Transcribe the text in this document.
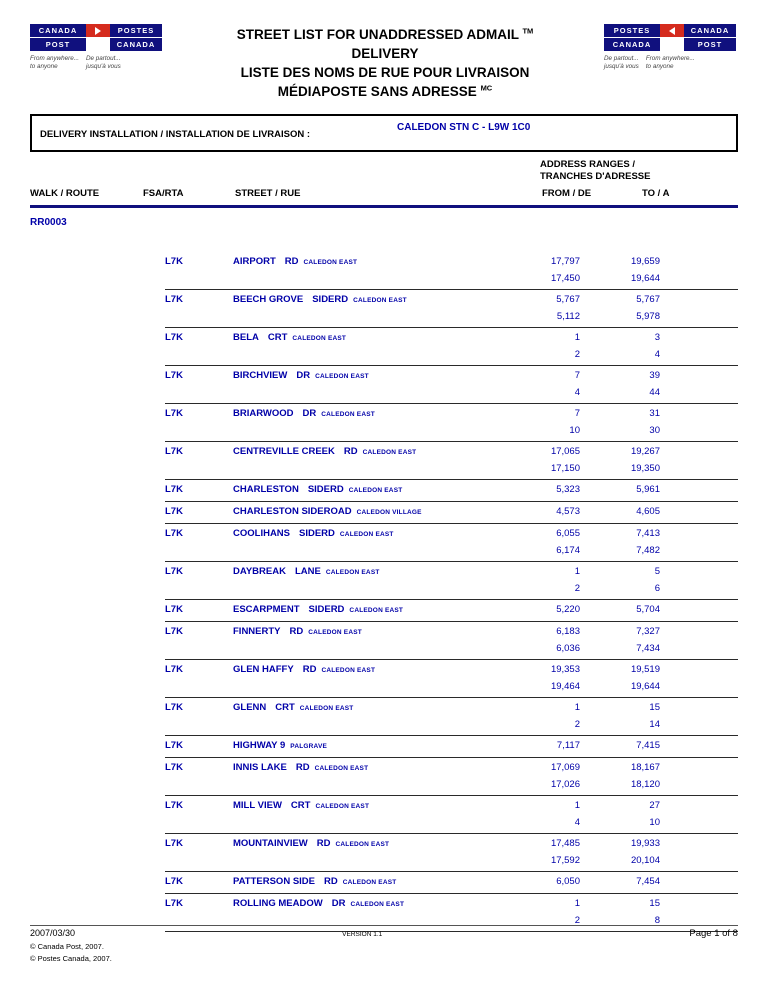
CANADA	POSTES
POST	CANADA
From anywhere...
to anyone
De partout...
jusqu'à vous
STREET LIST FOR UNADDRESSED ADMAIL ™
DELIVERY
LISTE DES NOMS DE RUE POUR LIVRAISON
MÉDIAPOSTE SANS ADRESSE $^{MC}$
POSTES	CANADA
CANADA	POST
De partout...
jusqu'à vous
From anywhere...
to anyone
DELIVERY INSTALLATION / INSTALLATION DE LIVRAISON :
CALEDON STN C - L9W 1C0
WALK / ROUTE	FSA/RTA	STREET / RUE
ADDRESS RANGES /
TRANCHES D'ADRESSE
FROM / DE	TO / A
RR0003
L7K	AIRPORT RD CALEDON EAST	17,797	19,659
17,450	19,644
L7K	BEECH GROVE SIDERD CALEDON EAST	5,767	5,767
5,112	5,978
L7K	BELA CRT CALEDON EAST	1	3
2	4
L7K	BIRCHVIEW DR CALEDON EAST	7	39
4	44
L7K	BRIARWOOD DR CALEDON EAST	7	31
10	30
L7K	CENTREVILLE CREEK RD CALEDON EAST	17,065	19,267
17,150	19,350
L7K	CHARLESTON SIDERD CALEDON EAST	5,323	5,961
L7K	CHARLESTON SIDEROAD CALEDON VILLAGE	4,573	4,605
L7K	COOLIHANS SIDERD CALEDON EAST	6,055	7,413
6,174	7,482
L7K	DAYBREAK LANE CALEDON EAST	1	5
2	6
L7K	ESCARPMENT SIDERD CALEDON EAST	5,220	5,704
L7K	FINNERTY RD CALEDON EAST	6,183	7,327
6,036	7,434
L7K	GLEN HAFFY RD CALEDON EAST	19,353	19,519
19,464	19,644
L7K	GLENN CRT CALEDON EAST	1	15
2	14
L7K	HIGHWAY 9 PALGRAVE	7,117	7,415
L7K	INNIS LAKE RD CALEDON EAST	17,069	18,167
17,026	18,120
L7K	MILL VIEW CRT CALEDON EAST	1	27
4	10
L7K	MOUNTAINVIEW RD CALEDON EAST	17,485	19,933
17,592	20,104
L7K	PATTERSON SIDE RD CALEDON EAST	6,050	7,454
L7K	ROLLING MEADOW DR CALEDON EAST	1	15
2	8
2007/03/30	VERSION 1.1	Page 1 of 8
© Canada Post, 2007.
© Postes Canada, 2007.
